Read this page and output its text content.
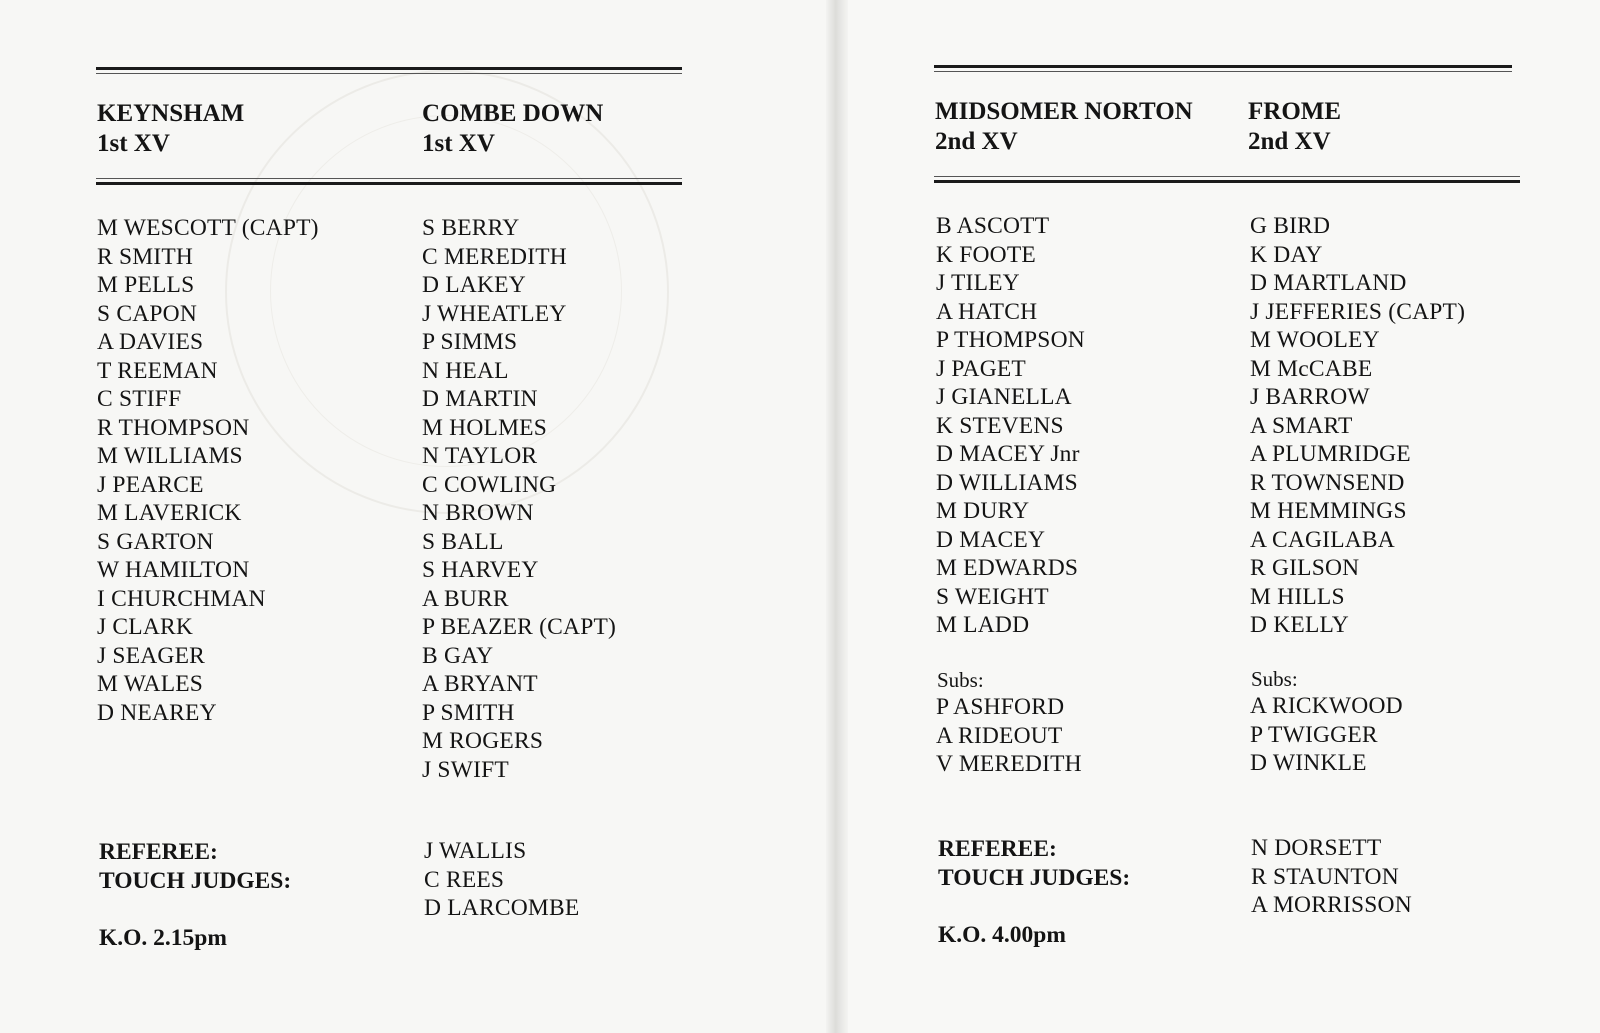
KEYNSHAM
1st XV
COMBE DOWN
1st XV
M WESCOTT (CAPT)
R SMITH
M PELLS
S CAPON
A DAVIES
T REEMAN
C STIFF
R THOMPSON
M WILLIAMS
J PEARCE
M LAVERICK
S GARTON
W HAMILTON
I CHURCHMAN
J CLARK
J SEAGER
M WALES
D NEAREY
S BERRY
C MEREDITH
D LAKEY
J WHEATLEY
P SIMMS
N HEAL
D MARTIN
M HOLMES
N TAYLOR
C COWLING
N BROWN
S BALL
S HARVEY
A BURR
P BEAZER (CAPT)
B GAY
A BRYANT
P SMITH
M ROGERS
J SWIFT
REFEREE:
TOUCH JUDGES:
J WALLIS
C REES
D LARCOMBE
K.O. 2.15pm
MIDSOMER NORTON
2nd XV
FROME
2nd XV
B ASCOTT
K FOOTE
J TILEY
A HATCH
P THOMPSON
J PAGET
J GIANELLA
K STEVENS
D MACEY Jnr
D WILLIAMS
M DURY
D MACEY
M EDWARDS
S WEIGHT
M LADD
G BIRD
K DAY
D MARTLAND
J JEFFERIES (CAPT)
M WOOLEY
M McCABE
J BARROW
A SMART
A PLUMRIDGE
R TOWNSEND
M HEMMINGS
A CAGILABA
R GILSON
M HILLS
D KELLY
Subs:
P ASHFORD
A RIDEOUT
V MEREDITH
Subs:
A RICKWOOD
P TWIGGER
D WINKLE
REFEREE:
TOUCH JUDGES:
N DORSETT
R STAUNTON
A MORRISSON
K.O. 4.00pm
